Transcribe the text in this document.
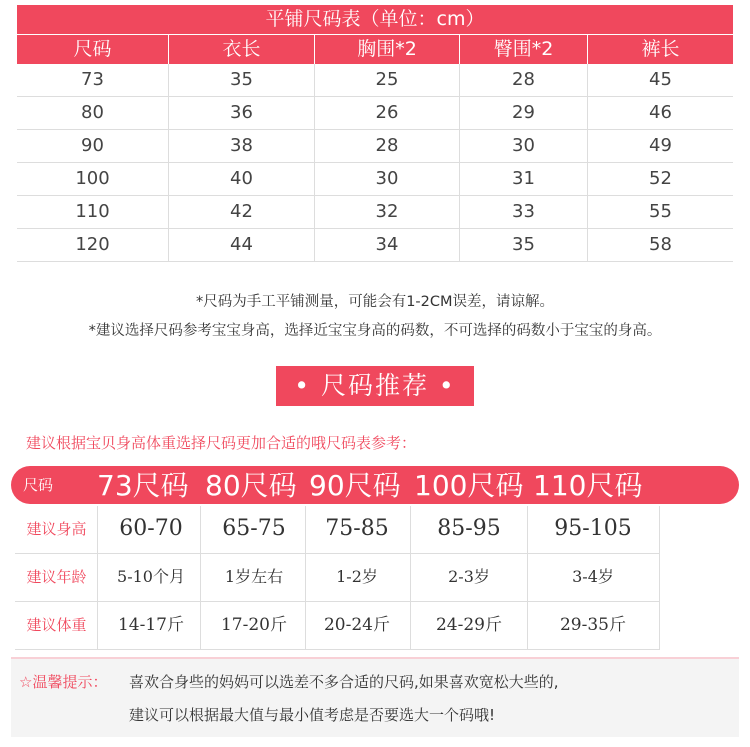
平铺尺码表（单位：cm）
尺码	衣长	胸围*2	臀围*2	裤长
73	35	25	28	45
80	36	26	29	46
90	38	28	30	49
100	40	30	31	52
110	42	32	33	55
120	44	34	35	58
*尺码为手工平铺测量，可能会有1-2CM误差，请谅解。
*建议选择尺码参考宝宝身高，选择近宝宝身高的码数，不可选择的码数小于宝宝的身高。
• 尺码推荐 •
建议根据宝贝身高体重选择尺码更加合适的哦尺码表参考：
尺码 73尺码 80尺码 90尺码 100尺码 110尺码
建议身高	60-70	65-75	75-85	85-95	95-105
建议年龄	5-10个月	1岁左右	1-2岁	2-3岁	3-4岁
建议体重	14-17斤	17-20斤	20-24斤	24-29斤	29-35斤
☆温馨提示： 喜欢合身些的妈妈可以选差不多合适的尺码,如果喜欢宽松大些的,
建议可以根据最大值与最小值考虑是否要选大一个码哦!
